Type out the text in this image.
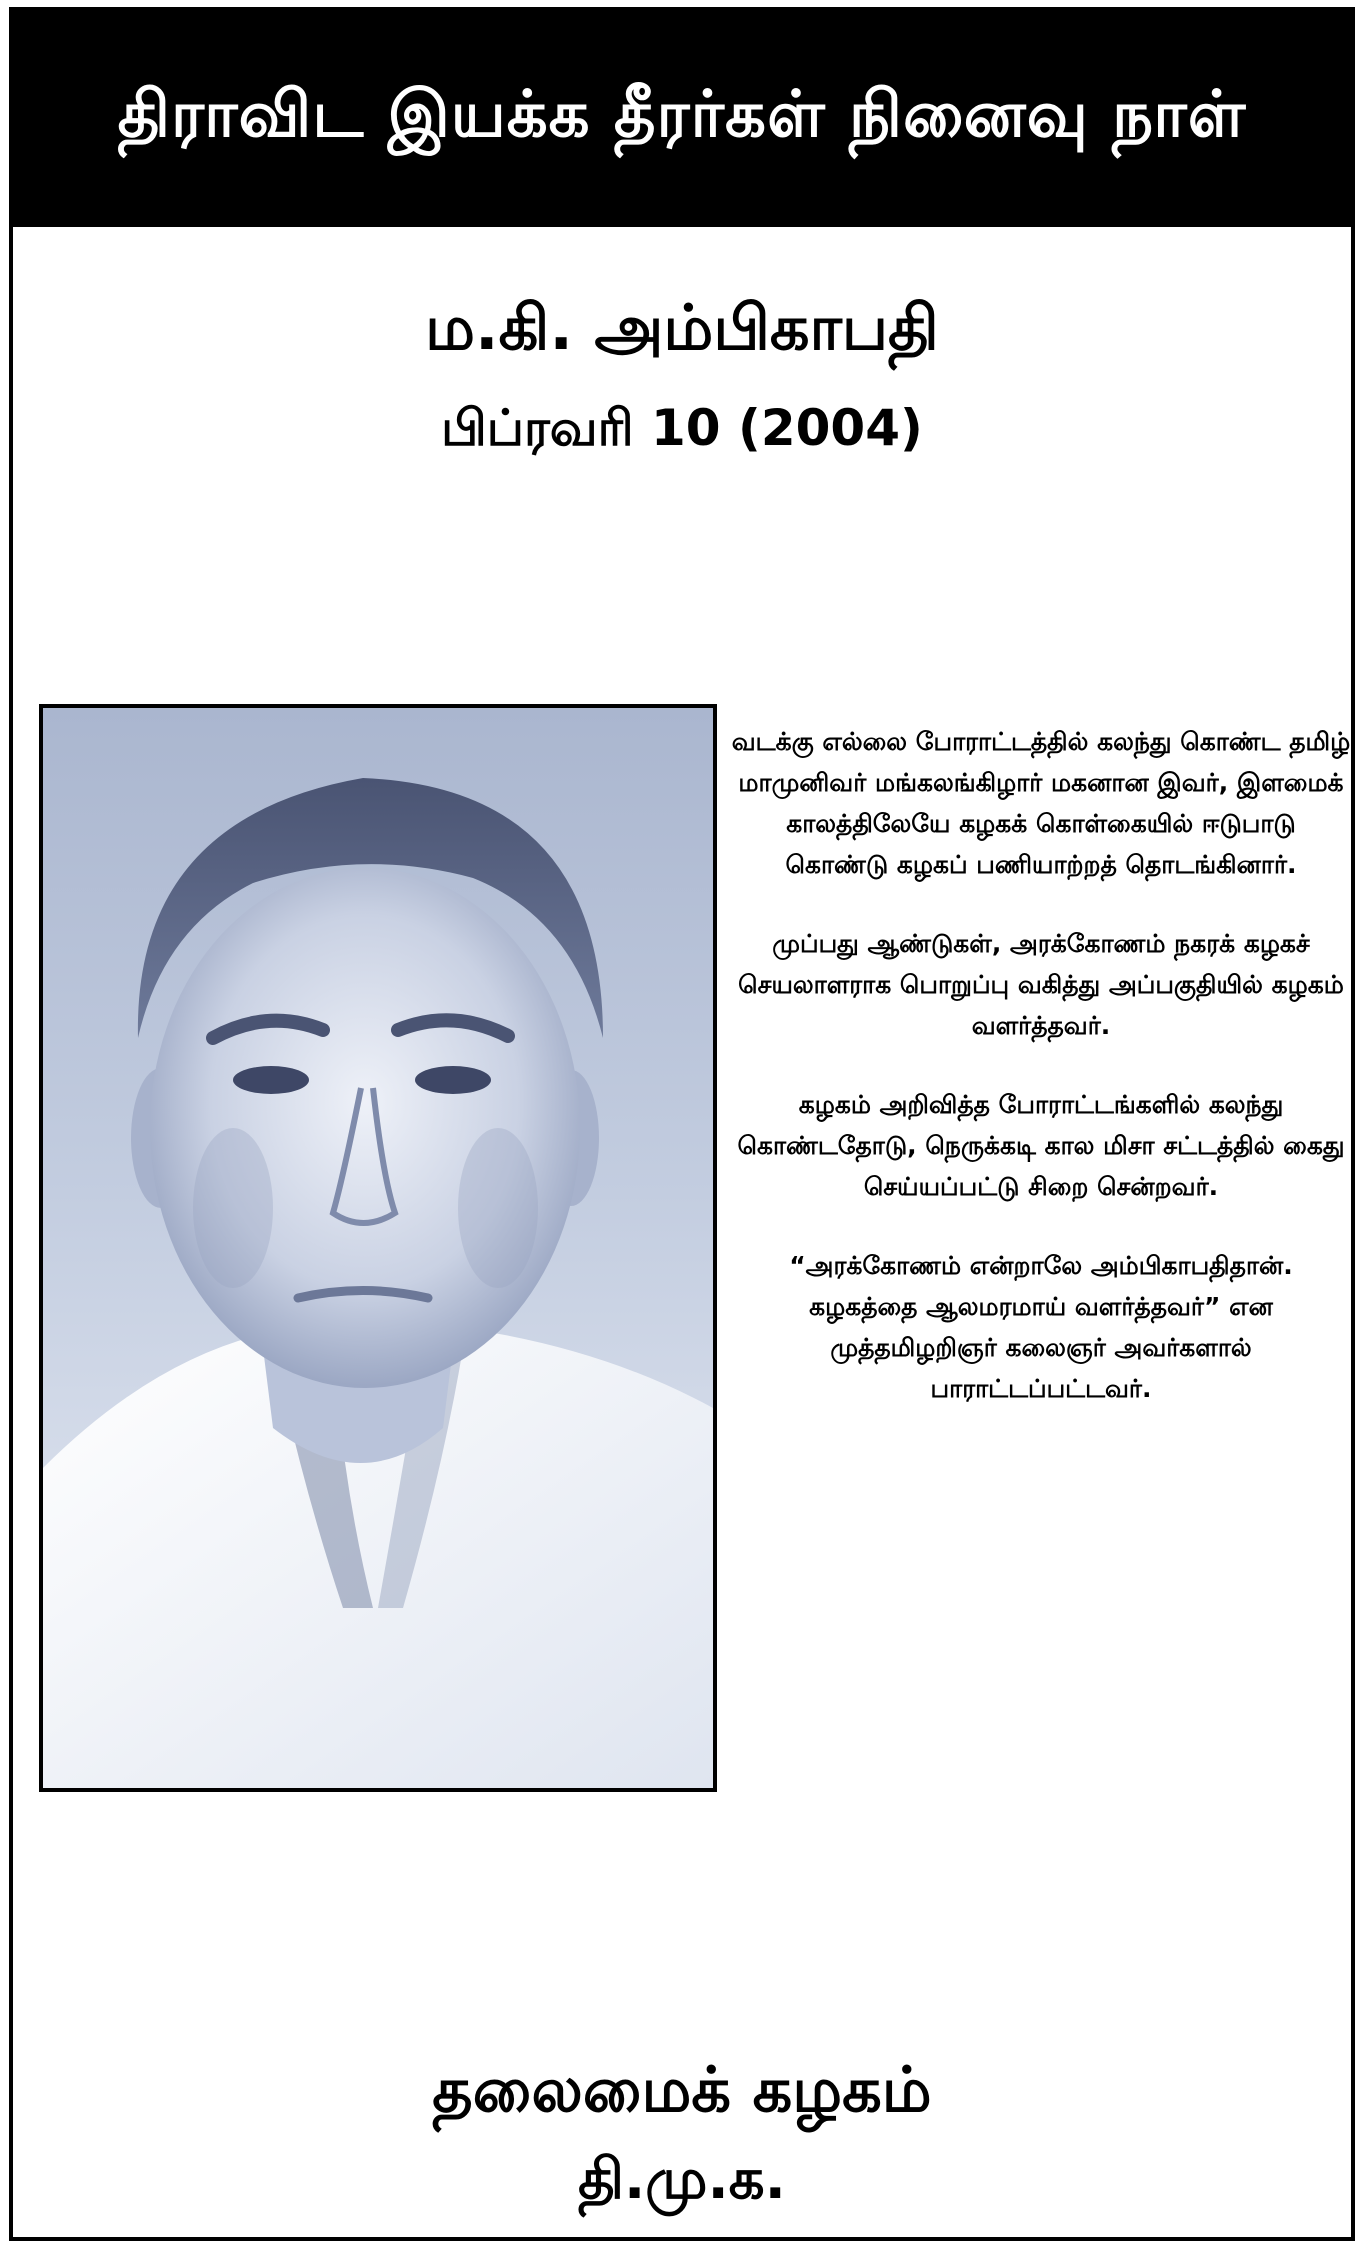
திராவிட இயக்க தீரர்கள் நினைவு நாள்
ம.கி. அம்பிகாபதி
பிப்ரவரி 10 (2004)

வடக்கு எல்லை போராட்டத்தில் கலந்து கொண்ட தமிழ் மாமுனிவர் மங்கலங்கிழார் மகனான இவர், இளமைக் காலத்திலேயே கழகக் கொள்கையில் ஈடுபாடு கொண்டு கழகப் பணியாற்றத் தொடங்கினார்.

முப்பது ஆண்டுகள், அரக்கோணம் நகரக் கழகச் செயலாளராக பொறுப்பு வகித்து அப்பகுதியில் கழகம் வளர்த்தவர்.

கழகம் அறிவித்த போராட்டங்களில் கலந்து கொண்டதோடு, நெருக்கடி கால மிசா சட்டத்தில் கைது செய்யப்பட்டு சிறை சென்றவர்.

“அரக்கோணம் என்றாலே அம்பிகாபதிதான். கழகத்தை ஆலமரமாய் வளர்த்தவர்” என முத்தமிழறிஞர் கலைஞர் அவர்களால் பாராட்டப்பட்டவர்.

தலைமைக் கழகம்
தி.மு.க.
